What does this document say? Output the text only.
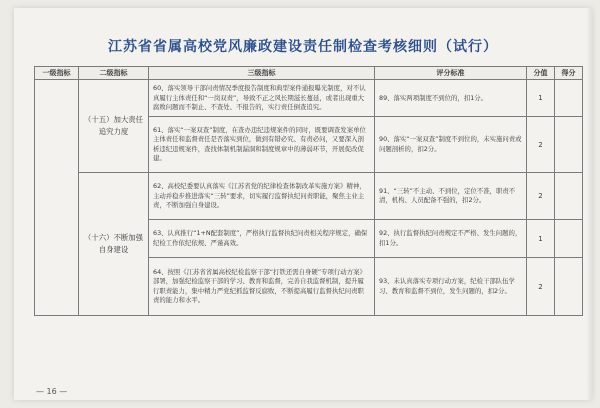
江苏省省属高校党风廉政建设责任制检查考核细则（试行）
一级指标	二级指标	三级指标	评分标准	分值	得分
	（十五）加大责任追究力度	60、落实领导干部问责情况季度报告制度和典型案件通报曝光制度，对不认真履行主体责任和“一岗双责”，导致不正之风长期滋长蔓延，或者出现重大腐败问题而不制止、不查处、不报告的，实行责任倒查追究。	89、落实两项制度不到位的，扣1分。	1	
		61、落实“一案双查”制度，在查办违纪违规案件的同时，既要调查发案单位主体责任和监督责任是否落实到位，做到有错必究、有责必问，又要深入剖析违纪违规案件，查找体制机制漏洞和制度规章中的薄弱环节，开展促改促建。	90、落实“一案双查”制度不到位的，未实施问责或问题剖析的，扣2分。	2	
	（十六）不断加强自身建设	62、高校纪委要认真落实《江苏省党的纪律检查体制改革实施方案》精神，主动并稳步推进落实“三转”要求，切实履行监督执纪问责职能，聚焦主业主责，不断加强自身建设。	91、“三转”不主动、不到位，定位不准，职责不清，机构、人员配备不强的，扣2分。	2	
		63、认真推行“1+N配套制度”，严格执行监督执纪问责相关程序规定，确保纪检工作依纪依规、严谨高效。	92、执行监督执纪问责规定不严格、发生问题的，扣1分。	1	
		64、按照《江苏省省属高校纪检监察干部“打铁还需自身硬”专项行动方案》部署，加强纪检监察干部的学习、教育和监督，完善自我监督机制，提升履行职责能力，集中精力严党纪抓监督反腐败，不断提高履行监督执纪问责职责的能力和水平。	93、未认真落实专项行动方案，纪检干部队伍学习、教育和监督不到位，发生问题的，扣2分。	2	
— 16 —
